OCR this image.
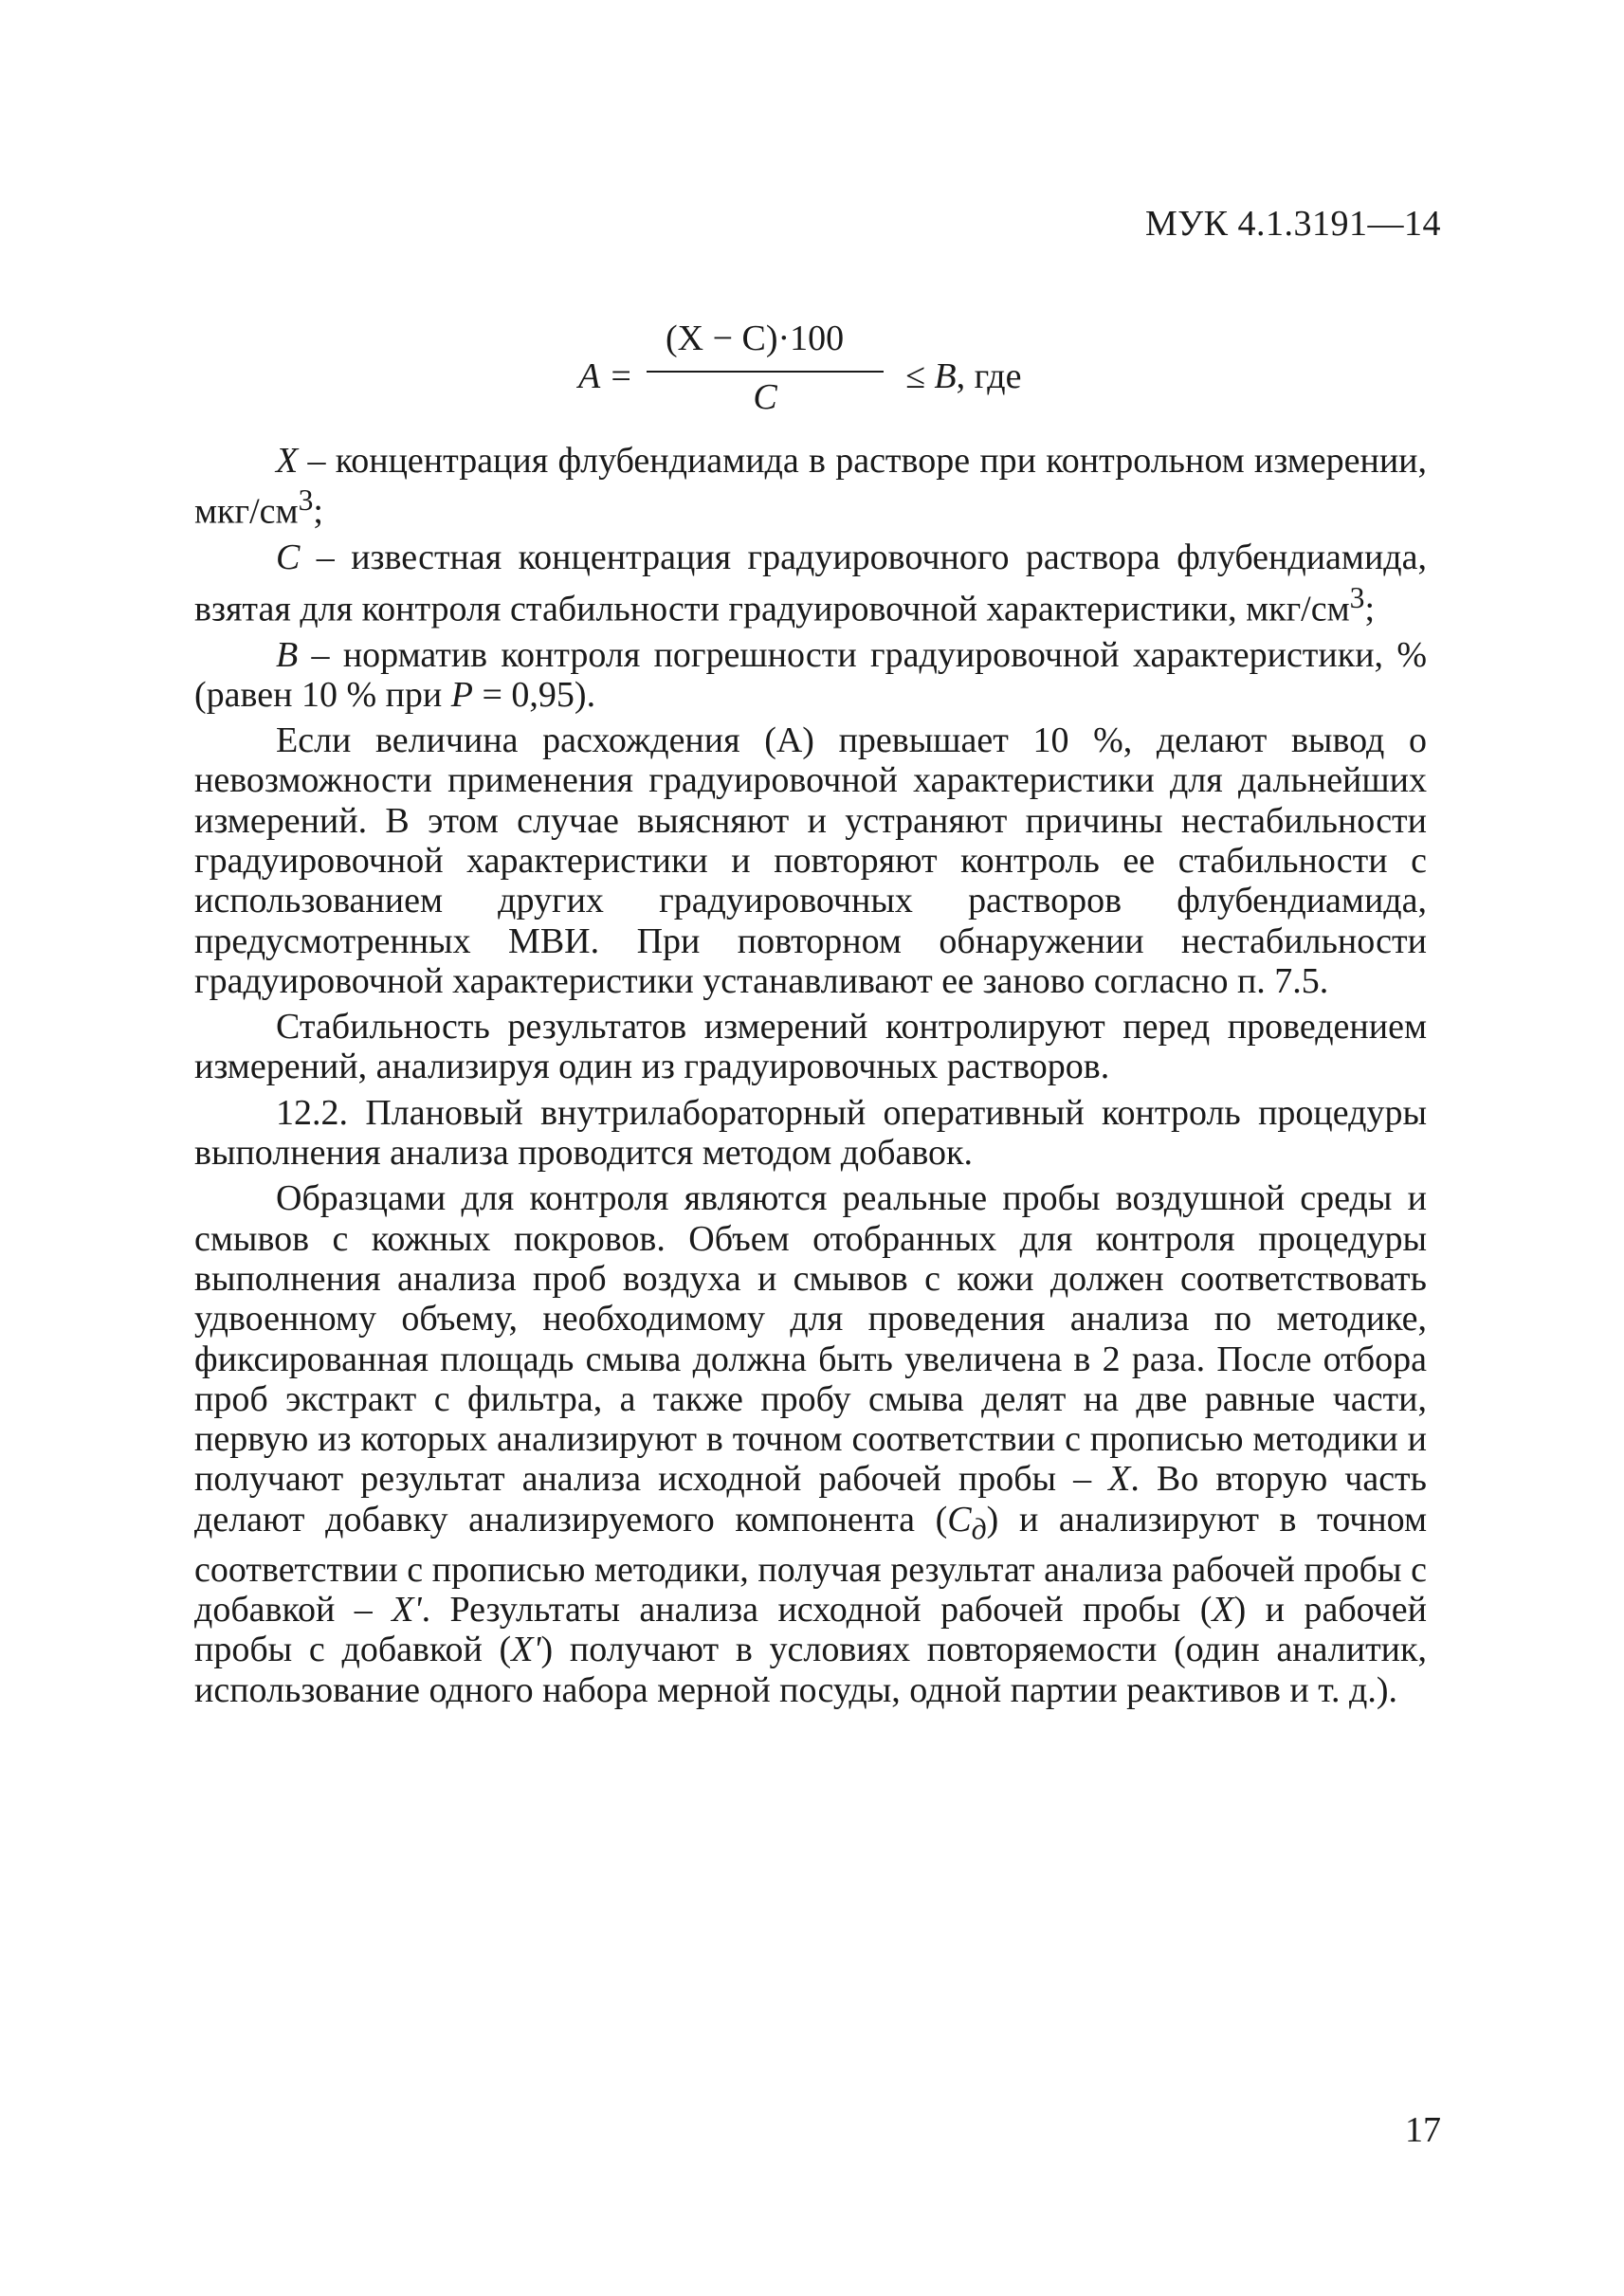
МУК 4.1.3191—14
A =
(X − C)·100
C
≤ B, где

X – концентрация флубендиамида в растворе при контрольном измерении, мкг/$см^3$;

С – известная концентрация градуировочного раствора флубендиамида, взятая для контроля стабильности градуировочной характеристики, мкг/$см^3$;

В – норматив контроля погрешности градуировочной характеристики, % (равен 10 % при Р = 0,95).

Если величина расхождения (А) превышает 10 %, делают вывод о невозможности применения градуировочной характеристики для дальнейших измерений. В этом случае выясняют и устраняют причины нестабильности градуировочной характеристики и повторяют контроль ее стабильности с использованием других градуировочных растворов флубендиамида, предусмотренных МВИ. При повторном обнаружении нестабильности градуировочной характеристики устанавливают ее заново согласно п. 7.5.

Стабильность результатов измерений контролируют перед проведением измерений, анализируя один из градуировочных растворов.

12.2. Плановый внутрилабораторный оперативный контроль процедуры выполнения анализа проводится методом добавок.

Образцами для контроля являются реальные пробы воздушной среды и смывов с кожных покровов. Объем отобранных для контроля процедуры выполнения анализа проб воздуха и смывов с кожи должен соответствовать удвоенному объему, необходимому для проведения анализа по методике, фиксированная площадь смыва должна быть увеличена в 2 раза. После отбора проб экстракт с фильтра, а также пробу смыва делят на две равные части, первую из которых анализируют в точном соответствии с прописью методики и получают результат анализа исходной рабочей пробы – X. Во вторую часть делают добавку анализируемого компонента $(C_д)$ и анализируют в точном соответствии с прописью методики, получая результат анализа рабочей пробы с добавкой – X'. Результаты анализа исходной рабочей пробы (X) и рабочей пробы с добавкой (X') получают в условиях повторяемости (один аналитик, использование одного набора мерной посуды, одной партии реактивов и т. д.).

17
